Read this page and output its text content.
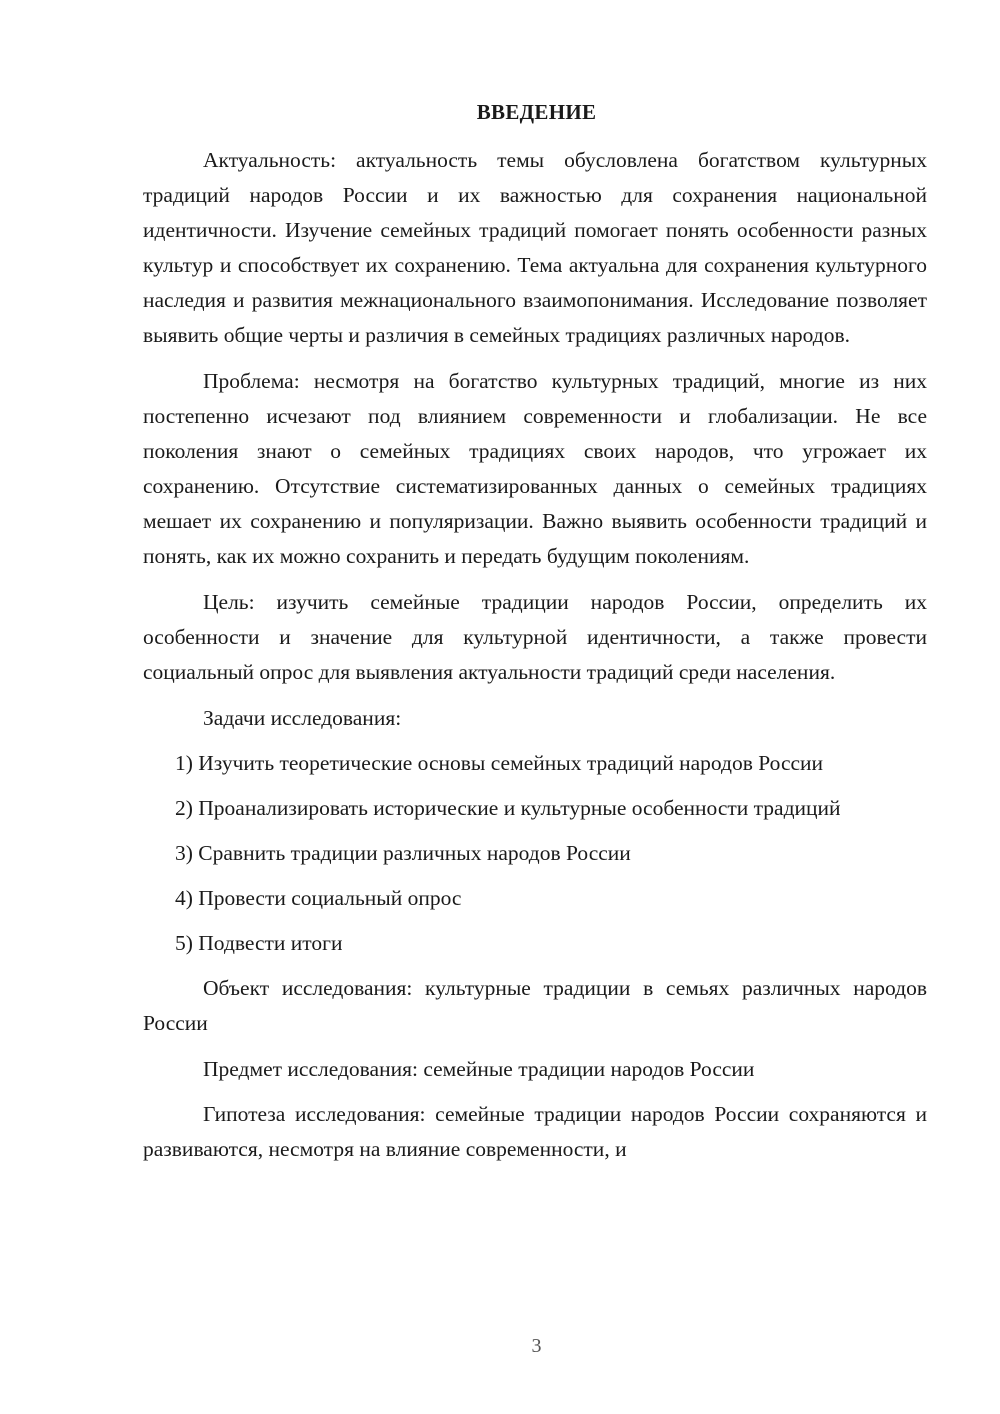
ВВЕДЕНИЕ

Актуальность: актуальность темы обусловлена богатством культурных традиций народов России и их важностью для сохранения национальной идентичности. Изучение семейных традиций помогает понять особенности разных культур и способствует их сохранению. Тема актуальна для сохранения культурного наследия и развития межнационального взаимопонимания. Исследование позволяет выявить общие черты и различия в семейных традициях различных народов.

Проблема: несмотря на богатство культурных традиций, многие из них постепенно исчезают под влиянием современности и глобализации. Не все поколения знают о семейных традициях своих народов, что угрожает их сохранению. Отсутствие систематизированных данных о семейных традициях мешает их сохранению и популяризации. Важно выявить особенности традиций и понять, как их можно сохранить и передать будущим поколениям.

Цель: изучить семейные традиции народов России, определить их особенности и значение для культурной идентичности, а также провести социальный опрос для выявления актуальности традиций среди населения.

Задачи исследования:

1) Изучить теоретические основы семейных традиций народов России

2) Проанализировать исторические и культурные особенности традиций

3) Сравнить традиции различных народов России

4) Провести социальный опрос

5) Подвести итоги

Объект исследования: культурные традиции в семьях различных народов России

Предмет исследования: семейные традиции народов России

Гипотеза исследования: семейные традиции народов России сохраняются и развиваются, несмотря на влияние современности, и

3
